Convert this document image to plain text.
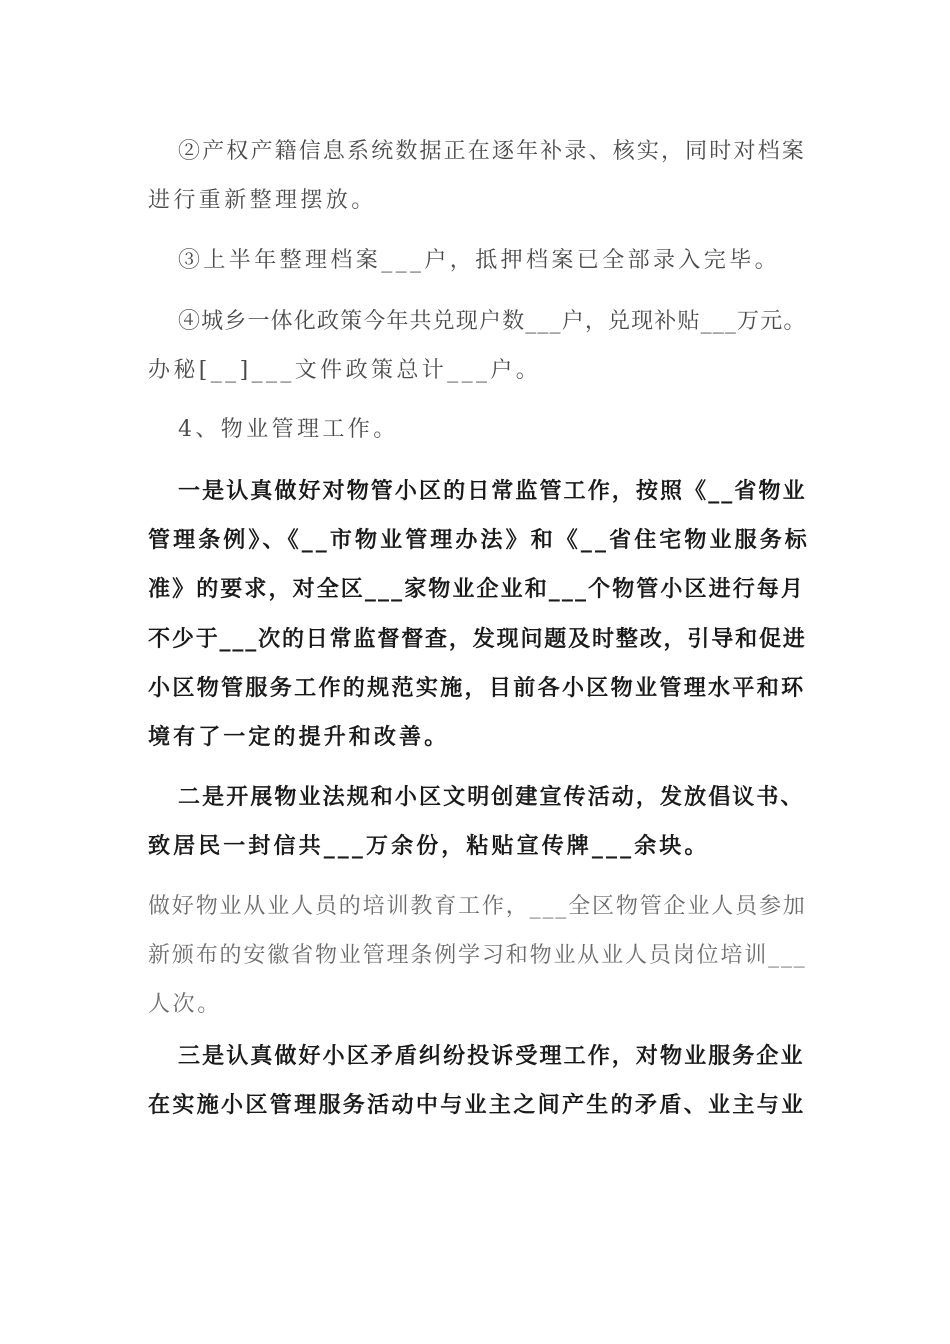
②产权产籍信息系统数据正在逐年补录、核实，同时对档案
进行重新整理摆放。
③上半年整理档案___户，抵押档案已全部录入完毕。
④城乡一体化政策今年共兑现户数___户，兑现补贴___万元。
办秘[__]___文件政策总计___户。
4、物业管理工作。
一是认真做好对物管小区的日常监管工作，按照《__省物业
管理条例》、《__市物业管理办法》和《__省住宅物业服务标
准》的要求，对全区___家物业企业和___个物管小区进行每月
不少于___次的日常监督督查，发现问题及时整改，引导和促进
小区物管服务工作的规范实施，目前各小区物业管理水平和环
境有了一定的提升和改善。
二是开展物业法规和小区文明创建宣传活动，发放倡议书、
致居民一封信共___万余份，粘贴宣传牌___余块。
做好物业从业人员的培训教育工作，___全区物管企业人员参加
新颁布的安徽省物业管理条例学习和物业从业人员岗位培训___
人次。
三是认真做好小区矛盾纠纷投诉受理工作，对物业服务企业
在实施小区管理服务活动中与业主之间产生的矛盾、业主与业
